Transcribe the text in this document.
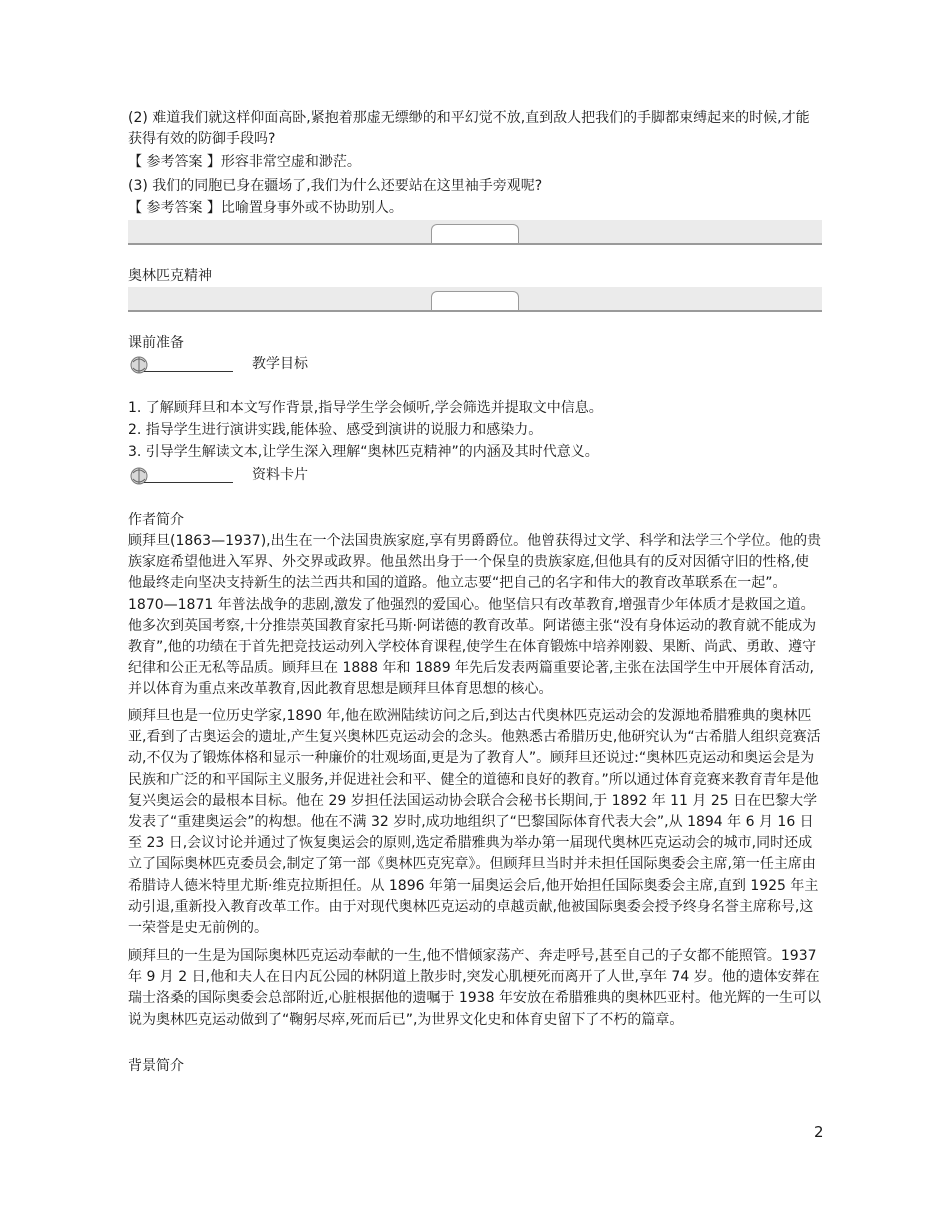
(2) 难道我们就这样仰面高卧,紧抱着那虚无缥缈的和平幻觉不放,直到敌人把我们的手脚都束缚起来的时候,才能获得有效的防御手段吗?

【 参考答案 】形容非常空虚和渺茫。

(3) 我们的同胞已身在疆场了,我们为什么还要站在这里袖手旁观呢?

【 参考答案 】比喻置身事外或不协助别人。

奥林匹克精神

课前准备

教学目标

1. 了解顾拜旦和本文写作背景,指导学生学会倾听,学会筛选并提取文中信息。

2. 指导学生进行演讲实践,能体验、感受到演讲的说服力和感染力。

3. 引导学生解读文本,让学生深入理解“奥林匹克精神”的内涵及其时代意义。

资料卡片

作者简介

顾拜旦(1863—1937),出生在一个法国贵族家庭,享有男爵爵位。他曾获得过文学、科学和法学三个学位。他的贵族家庭希望他进入军界、外交界或政界。他虽然出身于一个保皇的贵族家庭,但他具有的反对因循守旧的性格,使他最终走向坚决支持新生的法兰西共和国的道路。他立志要“把自己的名字和伟大的教育改革联系在一起”。1870—1871 年普法战争的悲剧,激发了他强烈的爱国心。他坚信只有改革教育,增强青少年体质才是救国之道。他多次到英国考察,十分推崇英国教育家托马斯·阿诺德的教育改革。阿诺德主张“没有身体运动的教育就不能成为教育”,他的功绩在于首先把竞技运动列入学校体育课程,使学生在体育锻炼中培养刚毅、果断、尚武、勇敢、遵守纪律和公正无私等品质。顾拜旦在 1888 年和 1889 年先后发表两篇重要论著,主张在法国学生中开展体育活动,并以体育为重点来改革教育,因此教育思想是顾拜旦体育思想的核心。

顾拜旦也是一位历史学家,1890 年,他在欧洲陆续访问之后,到达古代奥林匹克运动会的发源地希腊雅典的奥林匹亚,看到了古奥运会的遗址,产生复兴奥林匹克运动会的念头。他熟悉古希腊历史,他研究认为“古希腊人组织竞赛活动,不仅为了锻炼体格和显示一种廉价的壮观场面,更是为了教育人”。顾拜旦还说过:“奥林匹克运动和奥运会是为民族和广泛的和平国际主义服务,并促进社会和平、健全的道德和良好的教育。”所以通过体育竞赛来教育青年是他复兴奥运会的最根本目标。他在 29 岁担任法国运动协会联合会秘书长期间,于 1892 年 11 月 25 日在巴黎大学发表了“重建奥运会”的构想。他在不满 32 岁时,成功地组织了“巴黎国际体育代表大会”,从 1894 年 6 月 16 日至 23 日,会议讨论并通过了恢复奥运会的原则,选定希腊雅典为举办第一届现代奥林匹克运动会的城市,同时还成立了国际奥林匹克委员会,制定了第一部《奥林匹克宪章》。但顾拜旦当时并未担任国际奥委会主席,第一任主席由希腊诗人德米特里尤斯·维克拉斯担任。从 1896 年第一届奥运会后,他开始担任国际奥委会主席,直到 1925 年主动引退,重新投入教育改革工作。由于对现代奥林匹克运动的卓越贡献,他被国际奥委会授予终身名誉主席称号,这一荣誉是史无前例的。

顾拜旦的一生是为国际奥林匹克运动奉献的一生,他不惜倾家荡产、奔走呼号,甚至自己的子女都不能照管。1937 年 9 月 2 日,他和夫人在日内瓦公园的林阴道上散步时,突发心肌梗死而离开了人世,享年 74 岁。他的遗体安葬在瑞士洛桑的国际奥委会总部附近,心脏根据他的遗嘱于 1938 年安放在希腊雅典的奥林匹亚村。他光辉的一生可以说为奥林匹克运动做到了“鞠躬尽瘁,死而后已”,为世界文化史和体育史留下了不朽的篇章。

背景简介

2
